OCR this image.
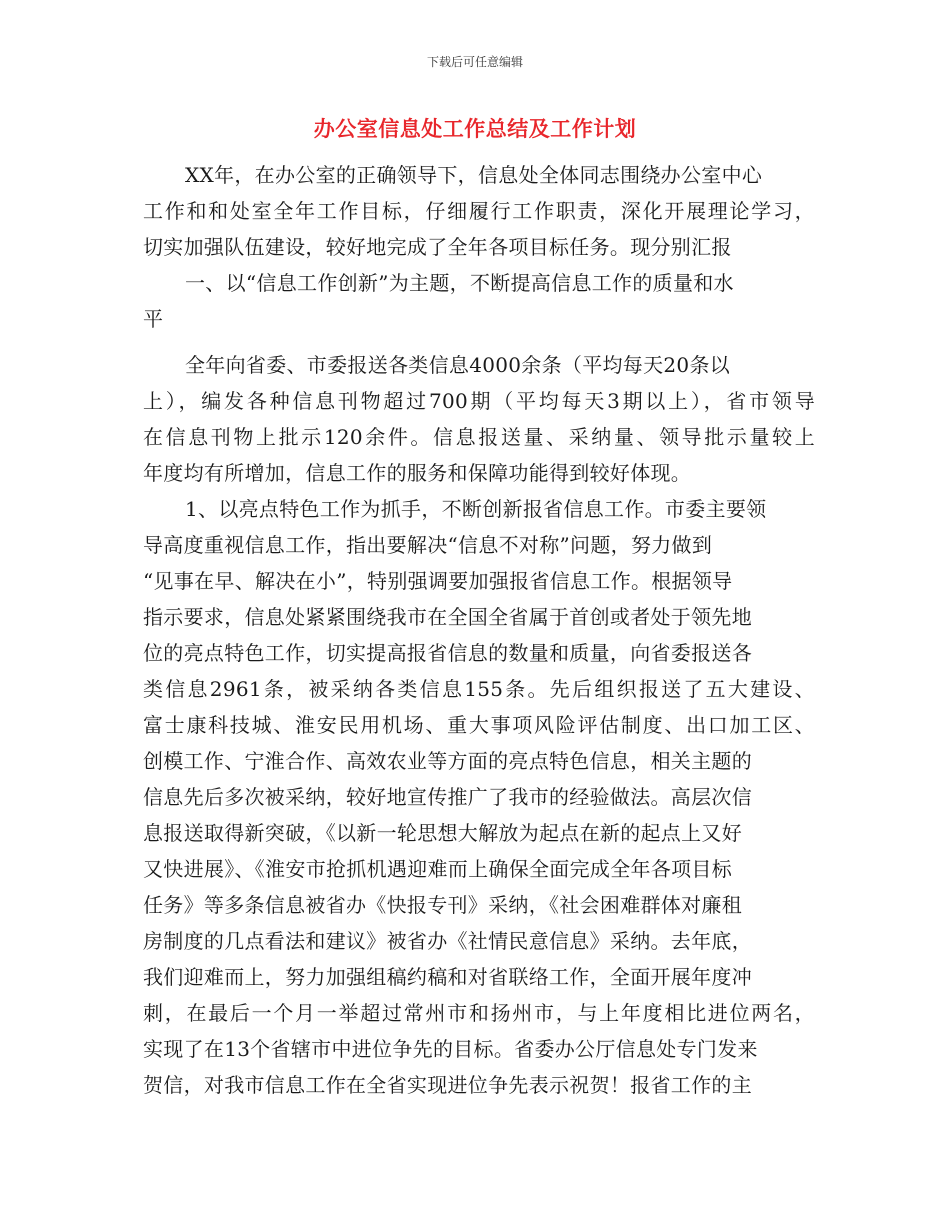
下载后可任意编辑
办公室信息处工作总结及工作计划
XX年，在办公室的正确领导下，信息处全体同志围绕办公室中心
工作和和处室全年工作目标，仔细履行工作职责，深化开展理论学习，
切实加强队伍建设，较好地完成了全年各项目标任务。现分别汇报
一、以“信息工作创新”为主题，不断提高信息工作的质量和水
平
全年向省委、市委报送各类信息4000余条（平均每天20条以
上），编发各种信息刊物超过700期（平均每天3期以上），省市领导
在信息刊物上批示120余件。信息报送量、采纳量、领导批示量较上
年度均有所增加，信息工作的服务和保障功能得到较好体现。
1、以亮点特色工作为抓手，不断创新报省信息工作。市委主要领
导高度重视信息工作，指出要解决“信息不对称”问题，努力做到
“见事在早、解决在小”，特别强调要加强报省信息工作。根据领导
指示要求，信息处紧紧围绕我市在全国全省属于首创或者处于领先地
位的亮点特色工作，切实提高报省信息的数量和质量，向省委报送各
类信息2961条，被采纳各类信息155条。先后组织报送了五大建设、
富士康科技城、淮安民用机场、重大事项风险评估制度、出口加工区、
创模工作、宁淮合作、高效农业等方面的亮点特色信息，相关主题的
信息先后多次被采纳，较好地宣传推广了我市的经验做法。高层次信
息报送取得新突破，《以新一轮思想大解放为起点在新的起点上又好
又快进展》、《淮安市抢抓机遇迎难而上确保全面完成全年各项目标
任务》等多条信息被省办《快报专刊》采纳，《社会困难群体对廉租
房制度的几点看法和建议》被省办《社情民意信息》采纳。去年底，
我们迎难而上，努力加强组稿约稿和对省联络工作，全面开展年度冲
刺，在最后一个月一举超过常州市和扬州市，与上年度相比进位两名，
实现了在13个省辖市中进位争先的目标。省委办公厅信息处专门发来
贺信，对我市信息工作在全省实现进位争先表示祝贺！报省工作的主
